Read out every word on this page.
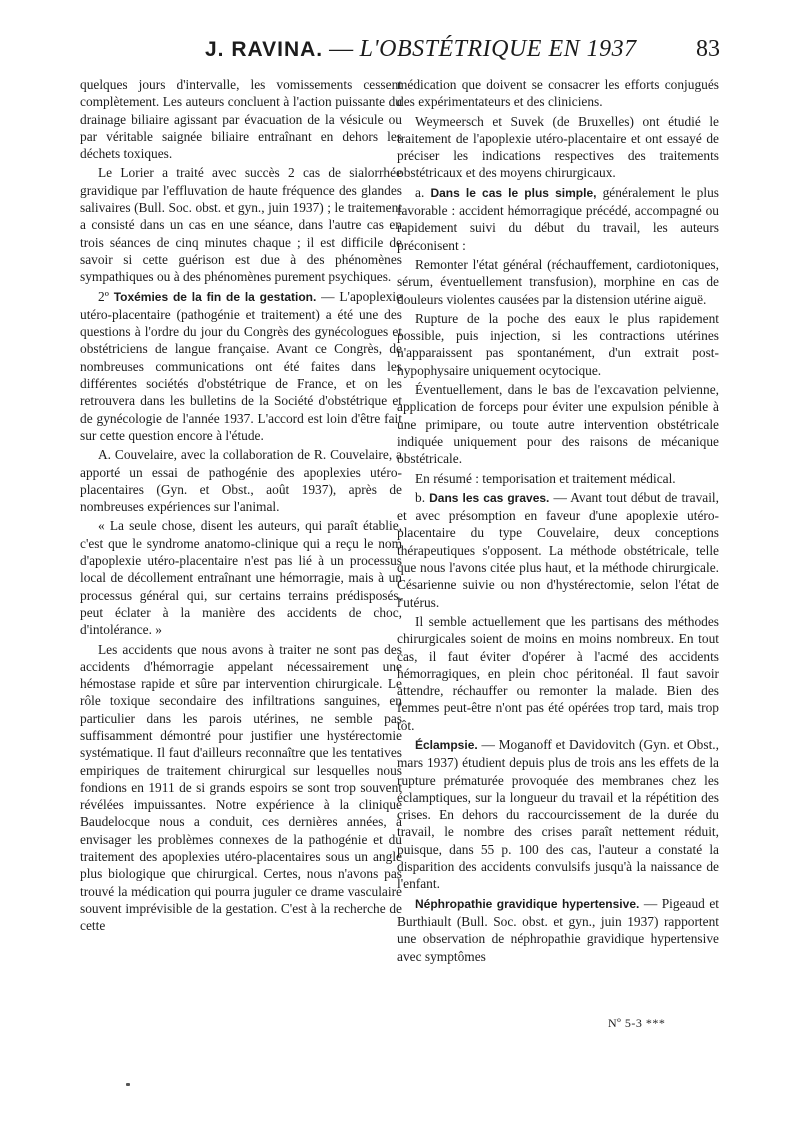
J. RAVINA. — L'OBSTÉTRIQUE EN 1937 83

quelques jours d'intervalle, les vomissements cessent complètement. Les auteurs concluent à l'action puissante du drainage biliaire agissant par évacuation de la vésicule ou par véritable saignée biliaire entraînant en dehors les déchets toxiques.

Le Lorier a traité avec succès 2 cas de sialorrhée gravidique par l'effluvation de haute fréquence des glandes salivaires (Bull. Soc. obst. et gyn., juin 1937) ; le traitement a consisté dans un cas en une séance, dans l'autre cas en trois séances de cinq minutes chaque ; il est difficile de savoir si cette guérison est due à des phénomènes sympathiques ou à des phénomènes purement psychiques.

2º Toxémies de la fin de la gestation. — L'apoplexie utéro-placentaire (pathogénie et traitement) a été une des questions à l'ordre du jour du Congrès des gynécologues et obstétriciens de langue française. Avant ce Congrès, de nombreuses communications ont été faites dans les différentes sociétés d'obstétrique de France, et on les retrouvera dans les bulletins de la Société d'obstétrique et de gynécologie de l'année 1937. L'accord est loin d'être fait sur cette question encore à l'étude.

A. Couvelaire, avec la collaboration de R. Couvelaire, a apporté un essai de pathogénie des apoplexies utéro-placentaires (Gyn. et Obst., août 1937), après de nombreuses expériences sur l'animal.

« La seule chose, disent les auteurs, qui paraît établie, c'est que le syndrome anatomo-clinique qui a reçu le nom d'apoplexie utéro-placentaire n'est pas lié à un processus local de décollement entraînant une hémorragie, mais à un processus général qui, sur certains terrains prédisposés, peut éclater à la manière des accidents de choc, d'intolérance. »

Les accidents que nous avons à traiter ne sont pas des accidents d'hémorragie appelant nécessairement une hémostase rapide et sûre par intervention chirurgicale. Le rôle toxique secondaire des infiltrations sanguines, en particulier dans les parois utérines, ne semble pas suffisamment démontré pour justifier une hystérectomie systématique. Il faut d'ailleurs reconnaître que les tentatives empiriques de traitement chirurgical sur lesquelles nous fondions en 1911 de si grands espoirs se sont trop souvent révélées impuissantes. Notre expérience à la clinique Baudelocque nous a conduit, ces dernières années, à envisager les problèmes connexes de la pathogénie et du traitement des apoplexies utéro-placentaires sous un angle plus biologique que chirurgical. Certes, nous n'avons pas trouvé la médication qui pourra juguler ce drame vasculaire souvent imprévisible de la gestation. C'est à la recherche de cette

médication que doivent se consacrer les efforts conjugués des expérimentateurs et des cliniciens.

Weymeersch et Suvek (de Bruxelles) ont étudié le traitement de l'apoplexie utéro-placentaire et ont essayé de préciser les indications respectives des traitements obstétricaux et des moyens chirurgicaux.

a. Dans le cas le plus simple, généralement le plus favorable : accident hémorragique précédé, accompagné ou rapidement suivi du début du travail, les auteurs préconisent :

Remonter l'état général (réchauffement, cardiotoniques, sérum, éventuellement transfusion), morphine en cas de douleurs violentes causées par la distension utérine aiguë.

Rupture de la poche des eaux le plus rapidement possible, puis injection, si les contractions utérines n'apparaissent pas spontanément, d'un extrait post-hypophysaire uniquement ocytocique.

Éventuellement, dans le bas de l'excavation pelvienne, application de forceps pour éviter une expulsion pénible à une primipare, ou toute autre intervention obstétricale indiquée uniquement pour des raisons de mécanique obstétricale.

En résumé : temporisation et traitement médical.

b. Dans les cas graves. — Avant tout début de travail, et avec présomption en faveur d'une apoplexie utéro-placentaire du type Couvelaire, deux conceptions thérapeutiques s'opposent. La méthode obstétricale, telle que nous l'avons citée plus haut, et la méthode chirurgicale. Césarienne suivie ou non d'hystérectomie, selon l'état de l'utérus.

Il semble actuellement que les partisans des méthodes chirurgicales soient de moins en moins nombreux. En tout cas, il faut éviter d'opérer à l'acmé des accidents hémorragiques, en plein choc péritonéal. Il faut savoir attendre, réchauffer ou remonter la malade. Bien des femmes peut-être n'ont pas été opérées trop tard, mais trop tôt.

Éclampsie. — Moganoff et Davidovitch (Gyn. et Obst., mars 1937) étudient depuis plus de trois ans les effets de la rupture prématurée provoquée des membranes chez les éclamptiques, sur la longueur du travail et la répétition des crises. En dehors du raccourcissement de la durée du travail, le nombre des crises paraît nettement réduit, puisque, dans 55 p. 100 des cas, l'auteur a constaté la disparition des accidents convulsifs jusqu'à la naissance de l'enfant.

Néphropathie gravidique hypertensive. — Pigeaud et Burthiault (Bull. Soc. obst. et gyn., juin 1937) rapportent une observation de néphropathie gravidique hypertensive avec symptômes

Nº 5-3 ***
